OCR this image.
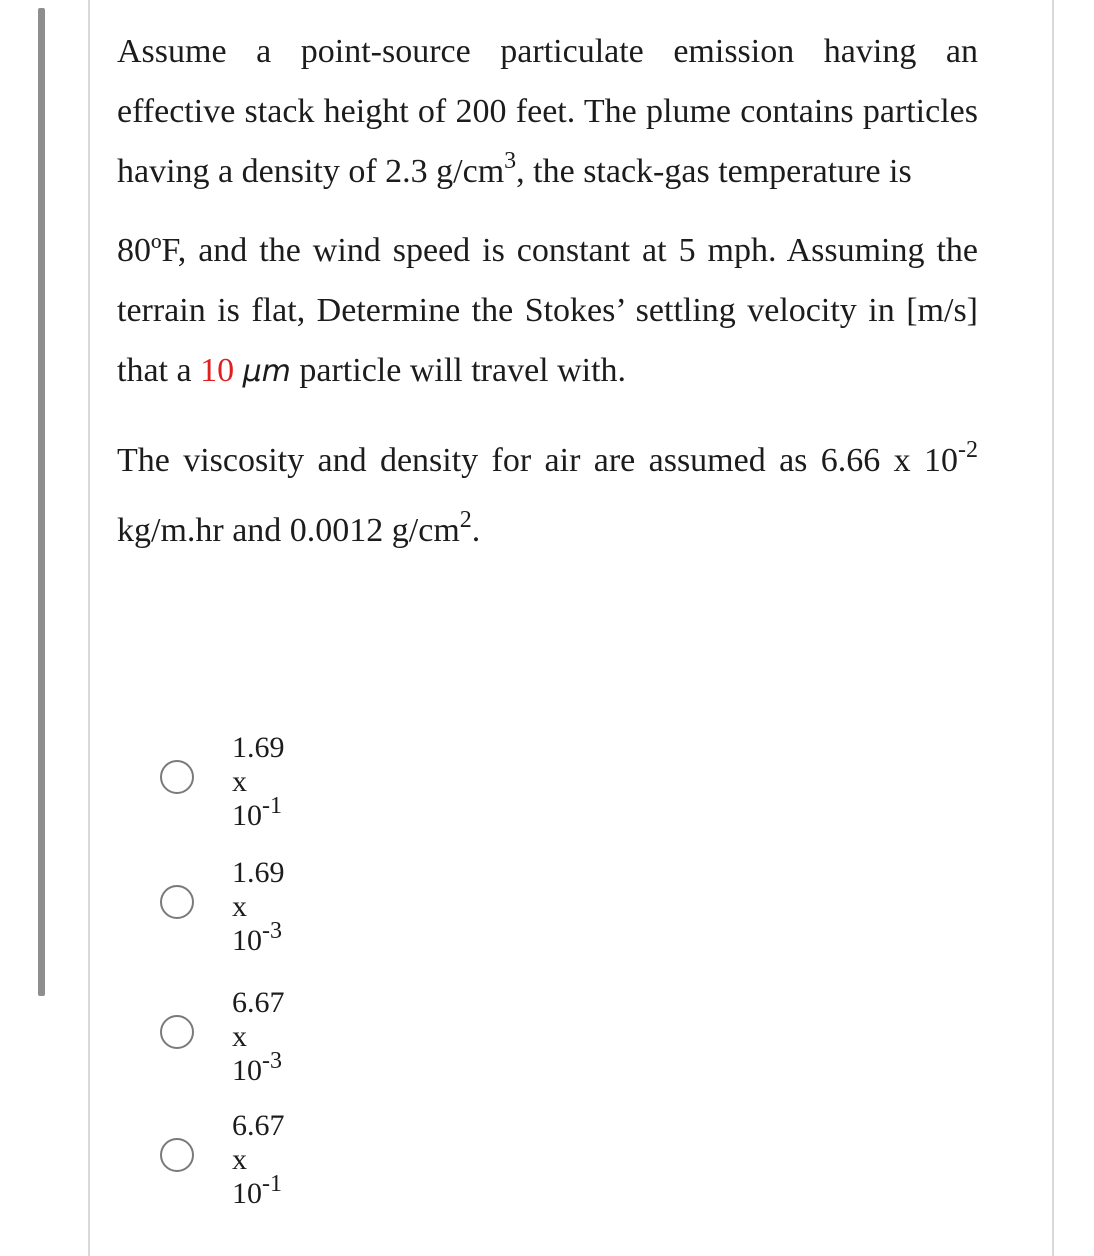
Assume a point-source particulate emission having an effective stack height of 200 feet. The plume contains particles having a density of 2.3 $g/cm^3$, the stack-gas temperature is

80ºF, and the wind speed is constant at 5 mph. Assuming the terrain is flat, Determine the Stokes’ settling velocity in [m/s] that a 10 μm particle will travel with.

The viscosity and density for air are assumed as 6.66 x $10^{-2}$ kg/m.hr and 0.0012 $g/cm^2$.

1.69 x $10^{-1}$
1.69 x $10^{-3}$
6.67 x $10^{-3}$
6.67 x $10^{-1}$
